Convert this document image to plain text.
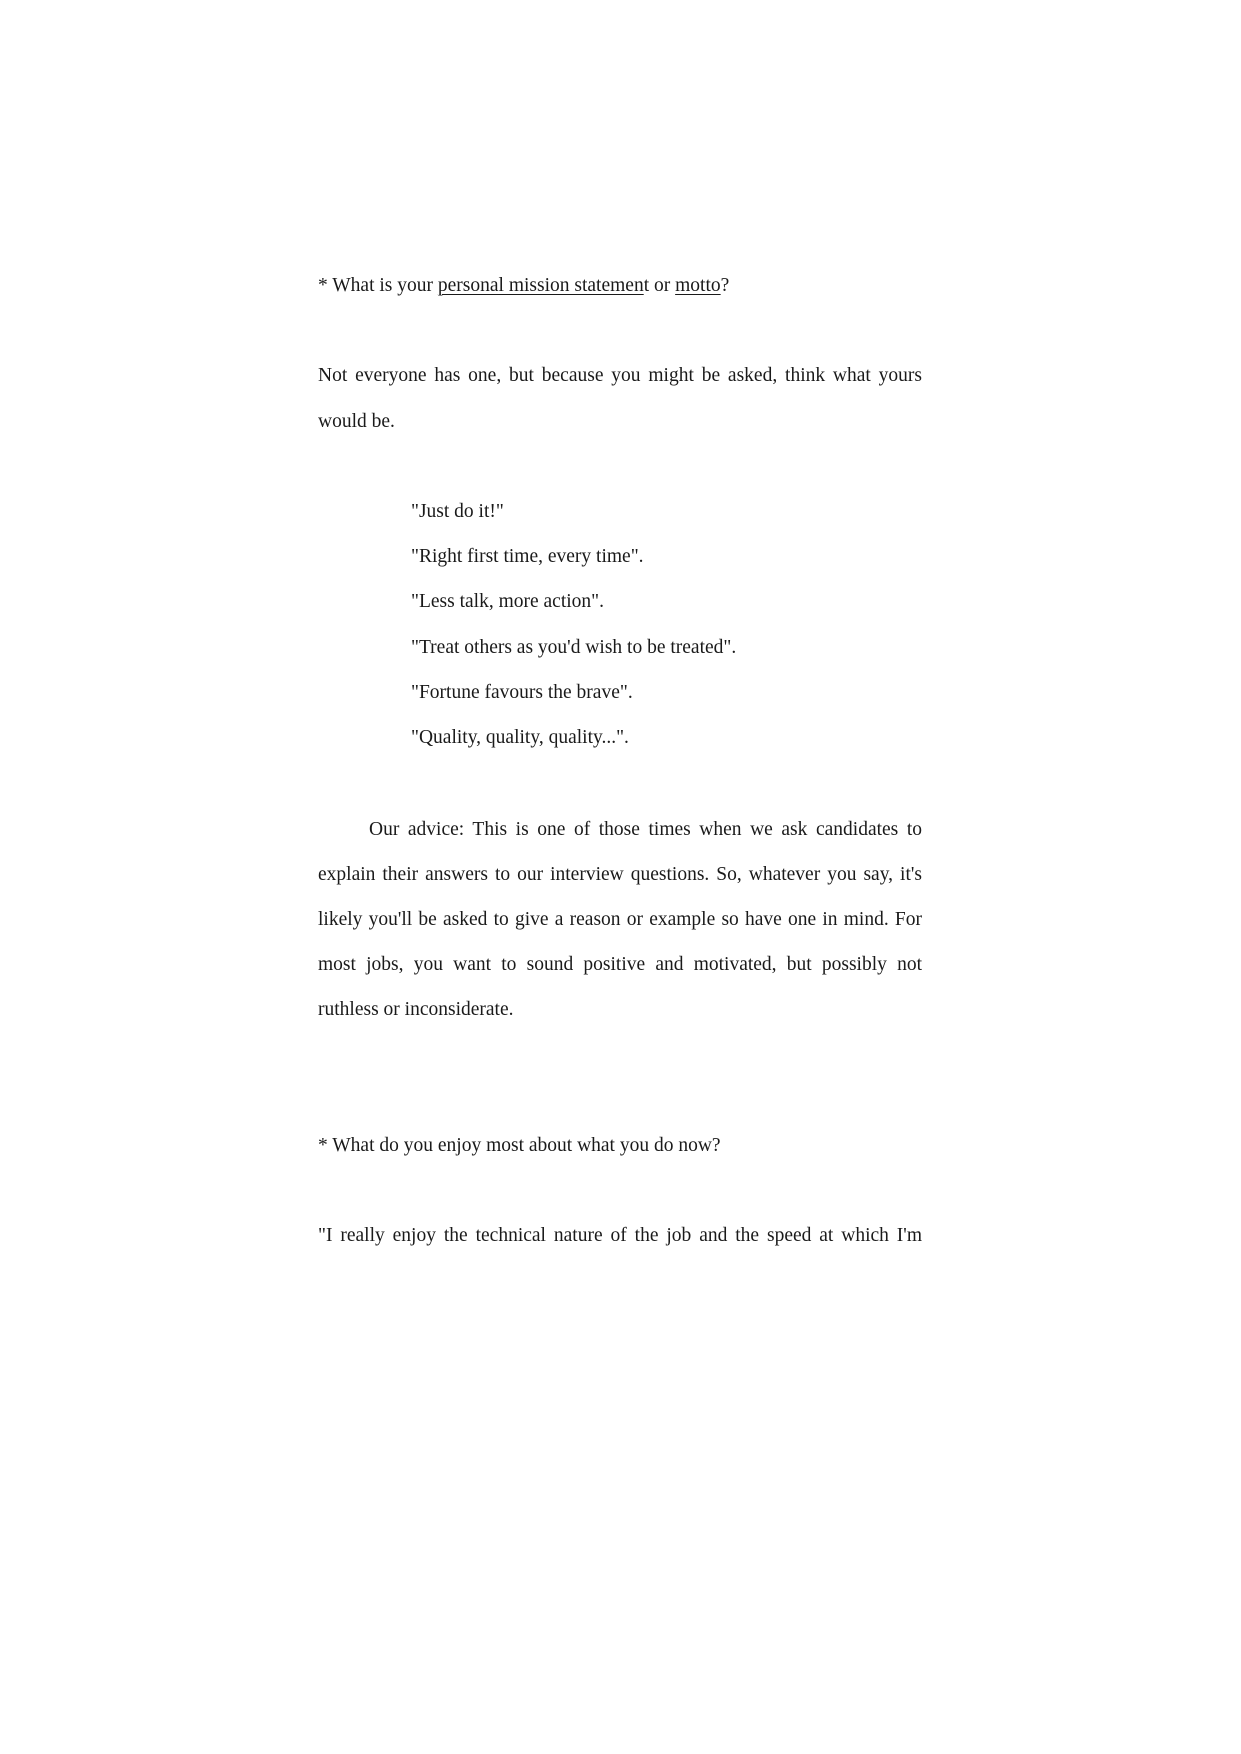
* What is your personal mission statement or motto?
Not everyone has one, but because you might be asked, think what yours
would be.
"Just do it!"
"Right first time, every time".
"Less talk, more action".
"Treat others as you'd wish to be treated".
"Fortune favours the brave".
"Quality, quality, quality...".
Our advice: This is one of those times when we ask candidates to
explain their answers to our interview questions. So, whatever you say, it's
likely you'll be asked to give a reason or example so have one in mind. For
most jobs, you want to sound positive and motivated, but possibly not
ruthless or inconsiderate.
* What do you enjoy most about what you do now?
"I really enjoy the technical nature of the job and the speed at which I'm
